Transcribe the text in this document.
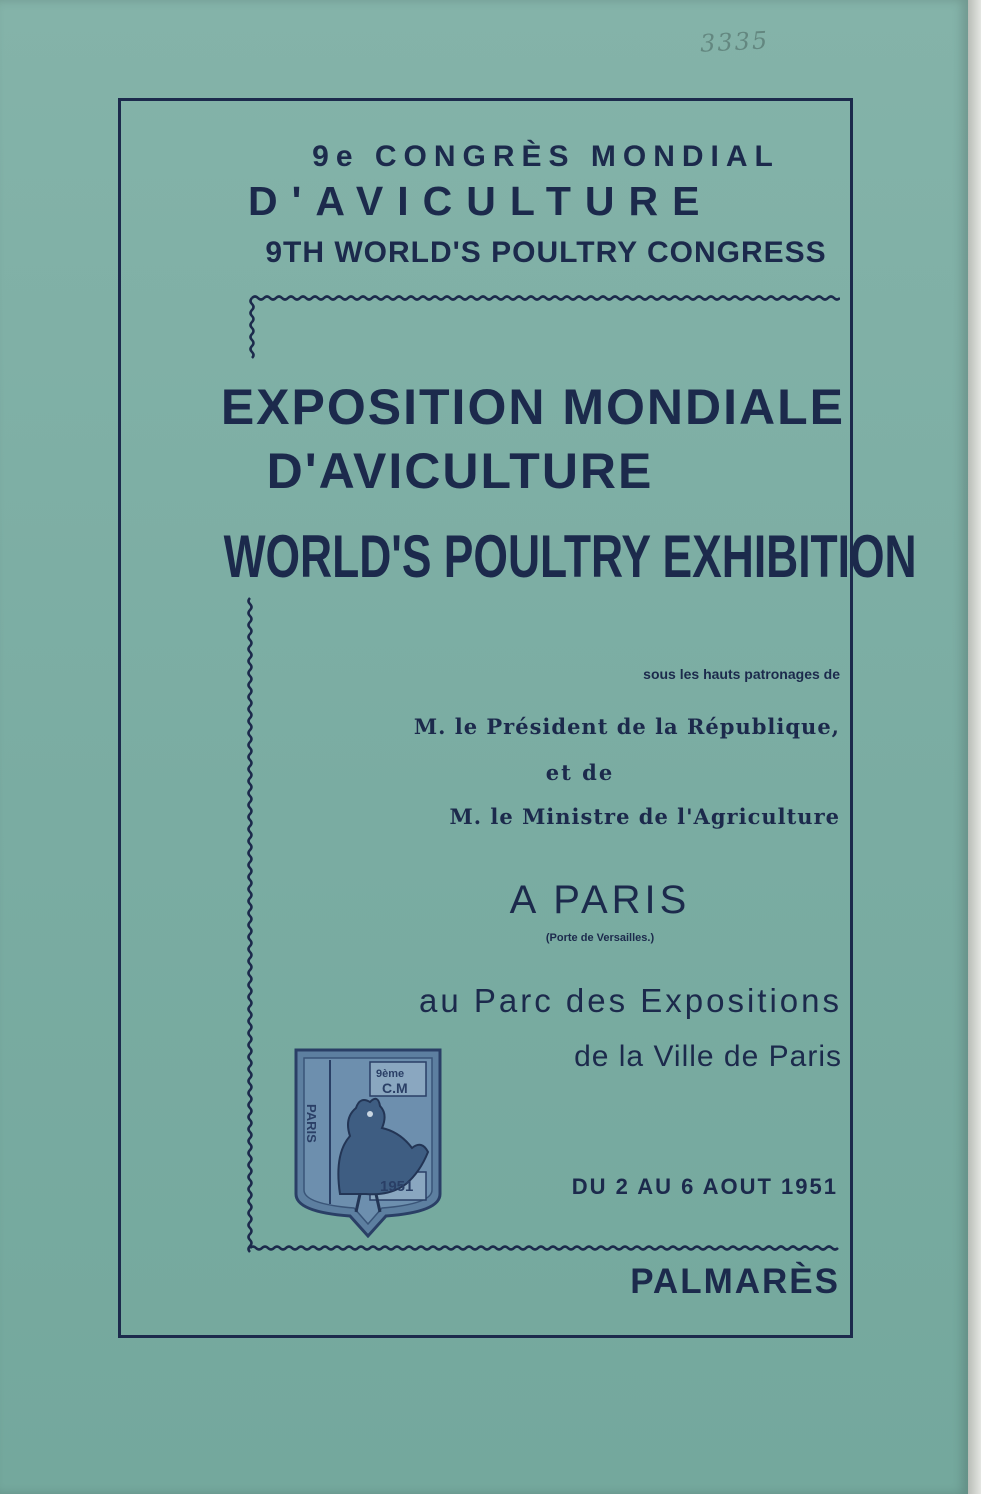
3335
9e CONGRÈS MONDIAL
D'AVICULTURE
9TH WORLD'S POULTRY CONGRESS
EXPOSITION MONDIALE
D'AVICULTURE
WORLD'S POULTRY EXHIBITION
sous les hauts patronages de
M. le Président de la République,
et de
M. le Ministre de l'Agriculture
A PARIS
(Porte de Versailles.)
au Parc des Expositions
de la Ville de Paris
9ème
C.M
1951
PARIS
DU 2 AU 6 AOUT 1951
PALMARÈS
